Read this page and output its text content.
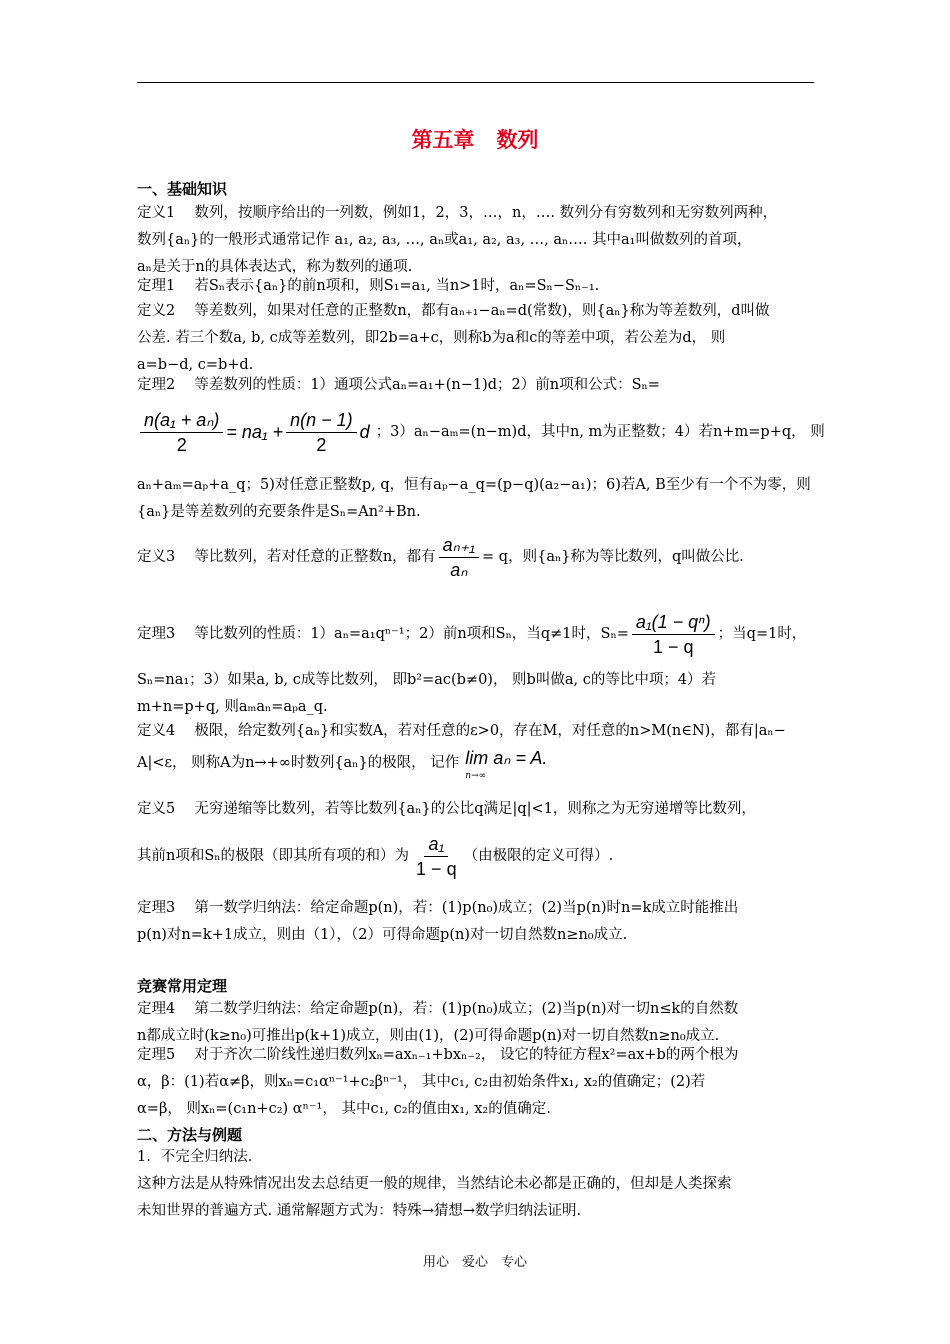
第五章 数列
一、基础知识
定义1　 数列，按顺序给出的一列数，例如1，2，3，…，n，…. 数列分有穷数列和无穷数列两种，
数列{aₙ}的一般形式通常记作 a₁, a₂, a₃, …, aₙ或a₁, a₂, a₃, …, aₙ…. 其中a₁叫做数列的首项，
aₙ是关于n的具体表达式，称为数列的通项.
定理1　 若Sₙ表示{aₙ}的前n项和，则S₁=a₁, 当n>1时，aₙ=Sₙ−Sₙ₋₁.
定义2　 等差数列，如果对任意的正整数n，都有aₙ₊₁−aₙ=d(常数)，则{aₙ}称为等差数列，d叫做
公差. 若三个数a, b, c成等差数列，即2b=a+c，则称b为a和c的等差中项，若公差为d， 则
a=b−d, c=b+d.
定理2　 等差数列的性质：1）通项公式aₙ=a₁+(n−1)d；2）前n项和公式：Sₙ=
$\frac{\text{n(a₁ + aₙ)}}{2} = na_1 + \frac{n(n - 1)}{2}$ d ；3）aₙ−aₘ=(n−m)d，其中n, m为正整数；4）若n+m=p+q， 则
aₙ+aₘ=aₚ+a_q；5)对任意正整数p, q，恒有aₚ−a_q=(p−q)(a₂−a₁)；6)若A, B至少有一个不为零，则
{aₙ}是等差数列的充要条件是Sₙ=An²+Bn.
定义3　 等比数列，若对任意的正整数n，都有 $\frac{\text{aₙ₊₁}}{\text{aₙ}} = q$，则{aₙ}称为等比数列，q叫做公比.
定理3　 等比数列的性质：1）aₙ=a₁qⁿ⁻¹；2）前n项和Sₙ，当q≠1时，$S_n= \frac{\text{a₁(1 − qⁿ)}}{1 - q}$ ；当q=1时，
Sₙ=na₁；3）如果a, b, c成等比数列， 即b²=ac(b≠0)， 则b叫做a, c的等比中项；4）若
m+n=p+q, 则aₘaₙ=aₚa_q.
定义4　 极限，给定数列{aₙ}和实数A，若对任意的ε>0，存在M，对任意的n>M(n∈N)，都有|aₙ−
A|<ε， 则称A为n→+∞时数列{aₙ}的极限， 记作 lim aₙ = A.
n→∞
定义5　 无穷递缩等比数列，若等比数列{aₙ}的公比q满足|q|<1，则称之为无穷递增等比数列，
其前n项和Sₙ的极限（即其所有项的和）为 $\frac{\text{a₁}}{1 - q}$ （由极限的定义可得）.
定理3　 第一数学归纳法：给定命题p(n)，若：(1)p(n₀)成立；(2)当p(n)时n=k成立时能推出
p(n)对n=k+1成立，则由（1），（2）可得命题p(n)对一切自然数n≥n₀成立.
竞赛常用定理
定理4　 第二数学归纳法：给定命题p(n)，若：(1)p(n₀)成立；(2)当p(n)对一切n≤k的自然数
n都成立时(k≥n₀)可推出p(k+1)成立，则由(1)，(2)可得命题p(n)对一切自然数n≥n₀成立.
定理5　 对于齐次二阶线性递归数列xₙ=axₙ₋₁+bxₙ₋₂， 设它的特征方程x²=ax+b的两个根为
α，β：(1)若α≠β，则xₙ=c₁αⁿ⁻¹+c₂βⁿ⁻¹， 其中c₁, c₂由初始条件x₁, x₂的值确定；(2)若
α=β， 则xₙ=(c₁n+c₂) αⁿ⁻¹， 其中c₁, c₂的值由x₁, x₂的值确定.
二、方法与例题
1．不完全归纳法.
这种方法是从特殊情况出发去总结更一般的规律，当然结论未必都是正确的，但却是人类探索
未知世界的普遍方式. 通常解题方式为：特殊→猜想→数学归纳法证明.
用心　爱心　专心
